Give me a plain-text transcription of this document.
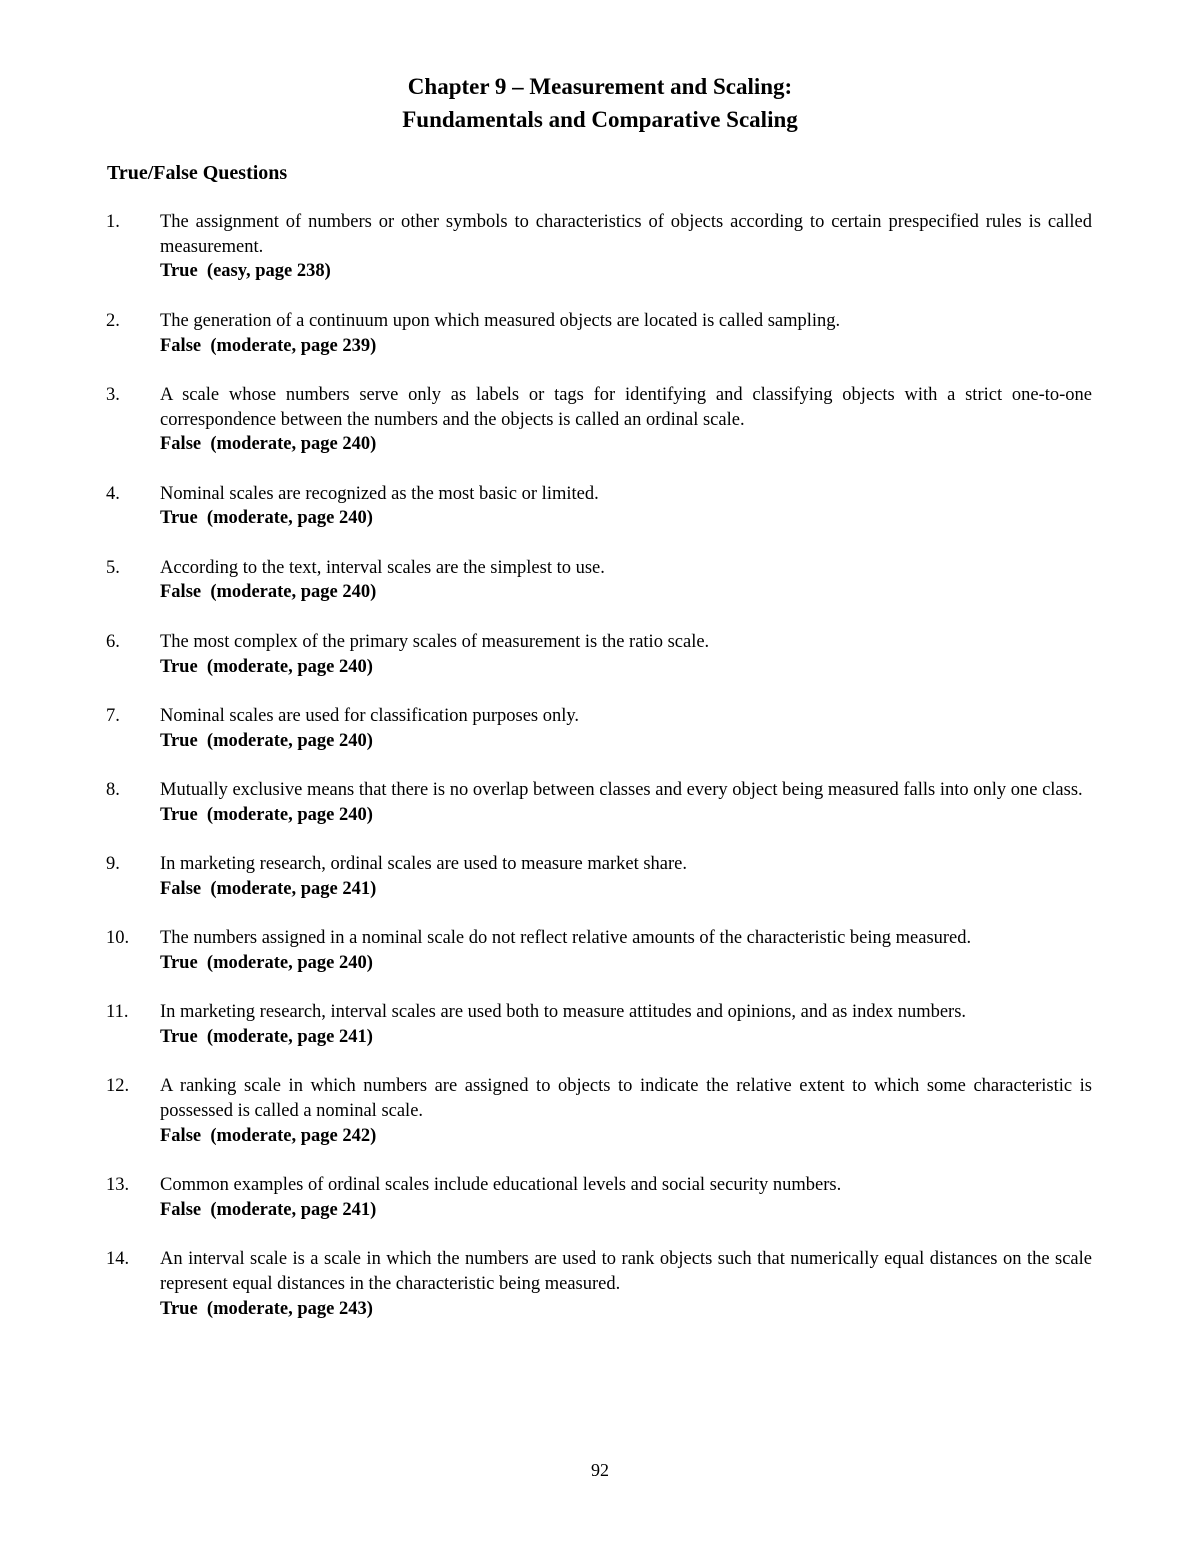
Chapter 9 – Measurement and Scaling:
Fundamentals and Comparative Scaling
True/False Questions
1. The assignment of numbers or other symbols to characteristics of objects according to certain prespecified rules is called measurement.
True  (easy, page 238)
2. The generation of a continuum upon which measured objects are located is called sampling.
False  (moderate, page 239)
3. A scale whose numbers serve only as labels or tags for identifying and classifying objects with a strict one-to-one correspondence between the numbers and the objects is called an ordinal scale.
False  (moderate, page 240)
4. Nominal scales are recognized as the most basic or limited.
True  (moderate, page 240)
5. According to the text, interval scales are the simplest to use.
False  (moderate, page 240)
6. The most complex of the primary scales of measurement is the ratio scale.
True  (moderate, page 240)
7. Nominal scales are used for classification purposes only.
True  (moderate, page 240)
8. Mutually exclusive means that there is no overlap between classes and every object being measured falls into only one class.
True  (moderate, page 240)
9. In marketing research, ordinal scales are used to measure market share.
False  (moderate, page 241)
10. The numbers assigned in a nominal scale do not reflect relative amounts of the characteristic being measured.
True  (moderate, page 240)
11. In marketing research, interval scales are used both to measure attitudes and opinions, and as index numbers.
True  (moderate, page 241)
12. A ranking scale in which numbers are assigned to objects to indicate the relative extent to which some characteristic is possessed is called a nominal scale.
False  (moderate, page 242)
13. Common examples of ordinal scales include educational levels and social security numbers.
False  (moderate, page 241)
14. An interval scale is a scale in which the numbers are used to rank objects such that numerically equal distances on the scale represent equal distances in the characteristic being measured.
True  (moderate, page 243)
92
